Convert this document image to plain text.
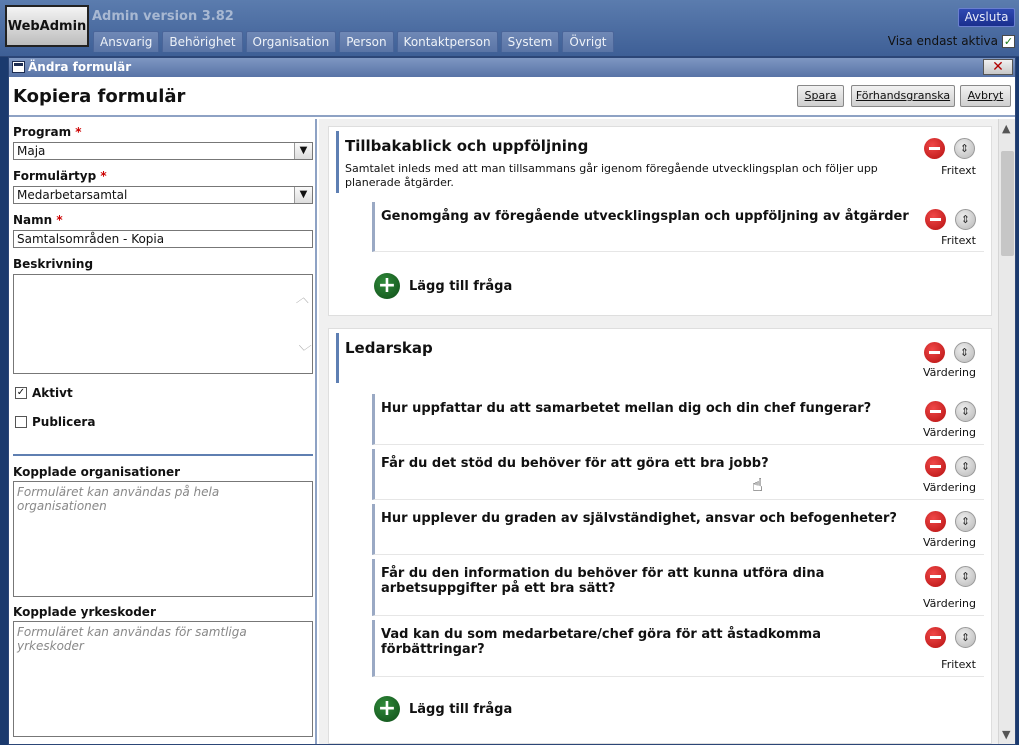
WebAdmin
Admin version 3.82
Ansvarig	Behörighet	Organisation	Person	Kontaktperson	System	Övrigt
Avsluta
Visa endast aktiva ✓
Ändra formulär	✕
Kopiera formulär	Spara	Förhandsgranska	Avbryt
Program *
Maja	▼
Formulärtyp *
Medarbetarsamtal	▼
Namn *
Samtalsområden - Kopia
Beskrivning
︿
﹀
✓ Aktivt
Publicera
Kopplade organisationer
Formuläret kan användas på hela organisationen
Kopplade yrkeskoder
Formuläret kan användas för samtliga yrkeskoder
Tillbakablick och uppföljning
Samtalet inleds med att man tillsammans går igenom föregående utvecklingsplan och följer upp planerade åtgärder.
⇕
Fritext
Genomgång av föregående utvecklingsplan och uppföljning av åtgärder	⇕
Fritext
+ Lägg till fråga
Ledarskap	⇕
Värdering
Hur uppfattar du att samarbetet mellan dig och din chef fungerar?	⇕
Värdering
Får du det stöd du behöver för att göra ett bra jobb?	⇕
Värdering
Hur upplever du graden av självständighet, ansvar och befogenheter?	⇕
Värdering
Får du den information du behöver för att kunna utföra dina arbetsuppgifter på ett bra sätt?
⇕
Värdering
Vad kan du som medarbetare/chef göra för att åstadkomma förbättringar?
⇕
Fritext
+ Lägg till fråga
☝
▲
▼
